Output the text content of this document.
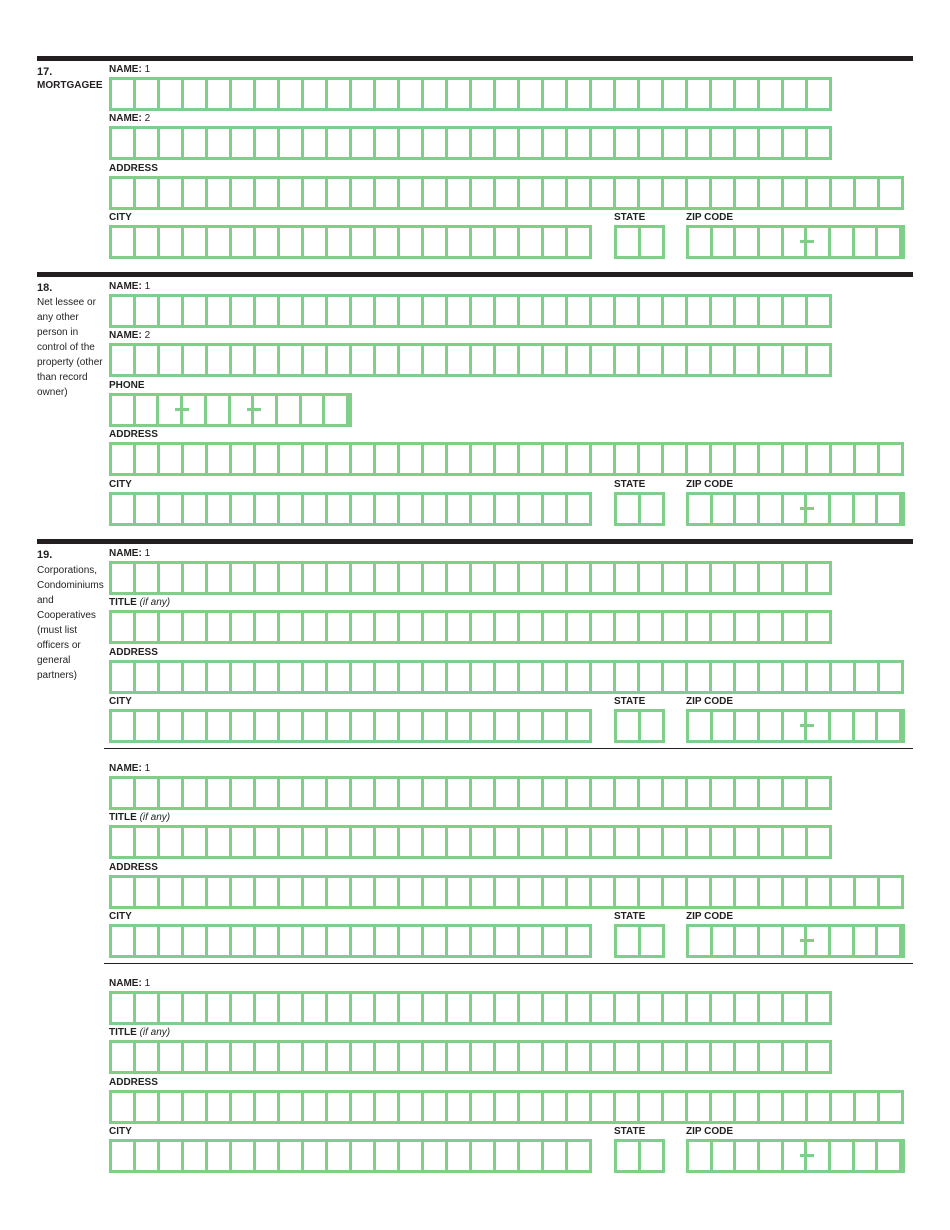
17.
MORTGAGEE
NAME: 1
NAME: 2
ADDRESS
CITY	STATE	ZIP CODE
18.
Net lessee or any other person in control of the property (other than record owner)
NAME: 1
NAME: 2
PHONE
ADDRESS
CITY	STATE	ZIP CODE
19.
Corporations, Condominiums and Cooperatives (must list officers or general partners)
NAME: 1
TITLE (if any)
ADDRESS
CITY	STATE	ZIP CODE
NAME: 1
TITLE (if any)
ADDRESS
CITY	STATE	ZIP CODE
NAME: 1
TITLE (if any)
ADDRESS
CITY	STATE	ZIP CODE
